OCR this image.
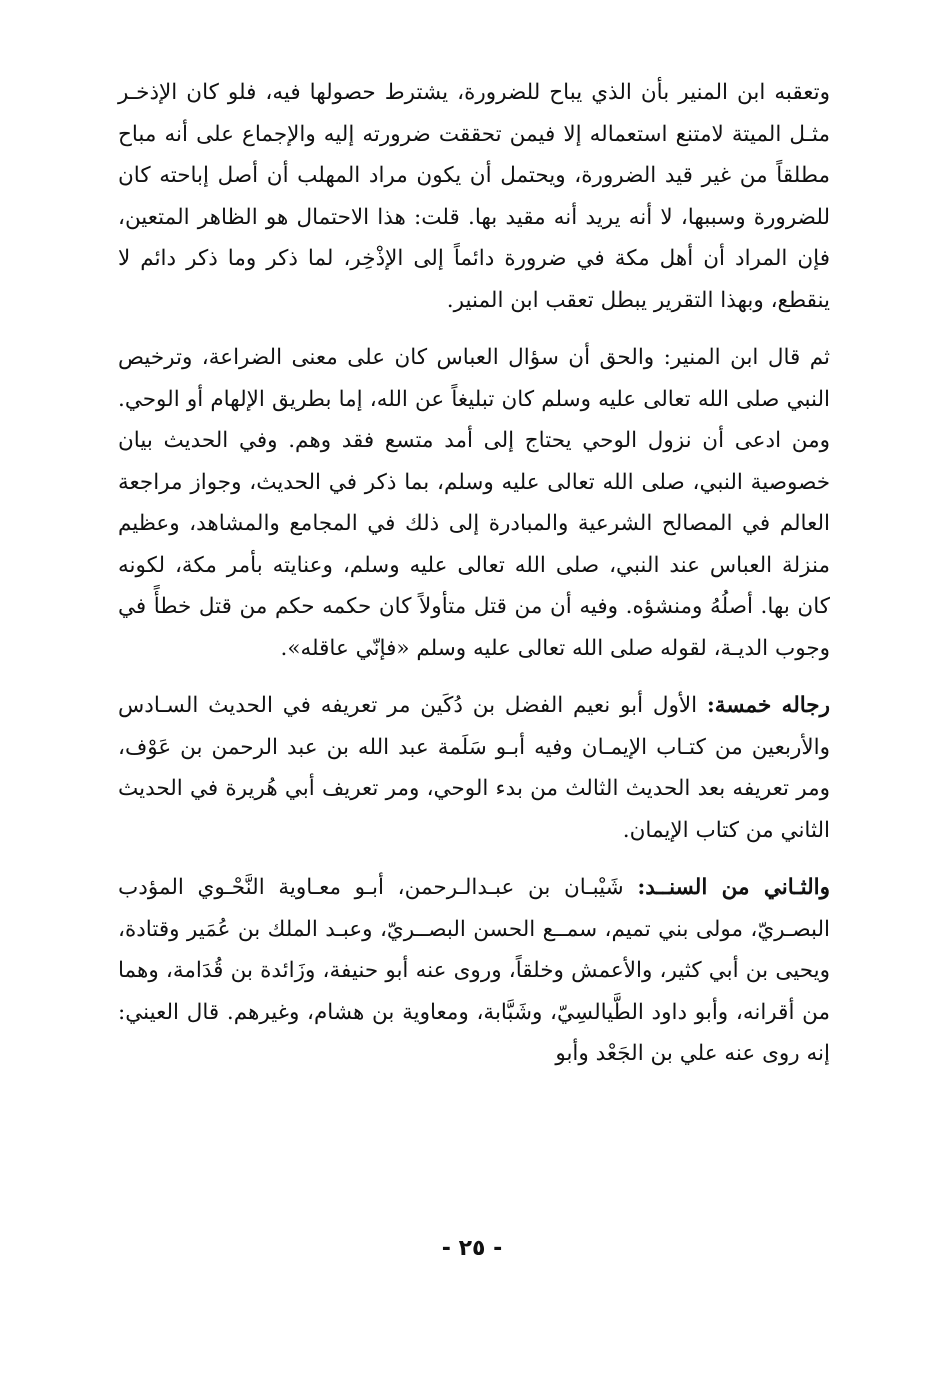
وتعقبه ابن المنير بأن الذي يباح للضرورة، يشترط حصولها فيه، فلو كان الإذخـر مثـل الميتة لامتنع استعماله إلا فيمن تحققت ضرورته إليه والإجماع على أنه مباح مطلقاً من غير قيد الضرورة، ويحتمل أن يكون مراد المهلب أن أصل إباحته كان للضرورة وسببها، لا أنه يريد أنه مقيد بها. قلت: هذا الاحتمال هو الظاهر المتعين، فإن المراد أن أهل مكة في ضرورة دائماً إلى الإذْخِر، لما ذكر وما ذكر دائم لا ينقطع، وبهذا التقرير يبطل تعقب ابن المنير.

ثم قال ابن المنير: والحق أن سؤال العباس كان على معنى الضراعة، وترخيص النبي صلى الله تعالى عليه وسلم كان تبليغاً عن الله، إما بطريق الإلهام أو الوحي. ومن ادعى أن نزول الوحي يحتاج إلى أمد متسع فقد وهم. وفي الحديث بيان خصوصية النبي، صلى الله تعالى عليه وسلم، بما ذكر في الحديث، وجواز مراجعة العالم في المصالح الشرعية والمبادرة إلى ذلك في المجامع والمشاهد، وعظيم منزلة العباس عند النبي، صلى الله تعالى عليه وسلم، وعنايته بأمر مكة، لكونه كان بها. أصلُهُ ومنشؤه. وفيه أن من قتل متأولاً كان حكمه حكم من قتل خطأً في وجوب الديـة، لقوله صلى الله تعالى عليه وسلم «فإنّي عاقله».

رجاله خمسة: الأول أبو نعيم الفضل بن دُكَين مر تعريفه في الحديث السـادس والأربعين من كتـاب الإيمـان وفيه أبـو سَلَمة عبد الله بن عبد الرحمن بن عَوْف، ومر تعريفه بعد الحديث الثالث من بدء الوحي، ومر تعريف أبي هُريرة في الحديث الثاني من كتاب الإيمان.

والثـاني من السنــد: شَيْبـان بن عبـدالـرحمن، أبـو معـاوية النَّحْـوي المؤدب البصـريّ، مولى بني تميم، سمــع الحسن البصــريّ، وعبـد الملك بن عُمَير وقتادة، ويحيى بن أبي كثير، والأعمش وخلقاً، وروى عنه أبو حنيفة، وزَائدة بن قُدَامة، وهما من أقرانه، وأبو داود الطَّيالسِيّ، وشَبَّابة، ومعاوية بن هشام، وغيرهم. قال العيني: إنه روى عنه علي بن الجَعْد وأبو

- ٢٥ -
